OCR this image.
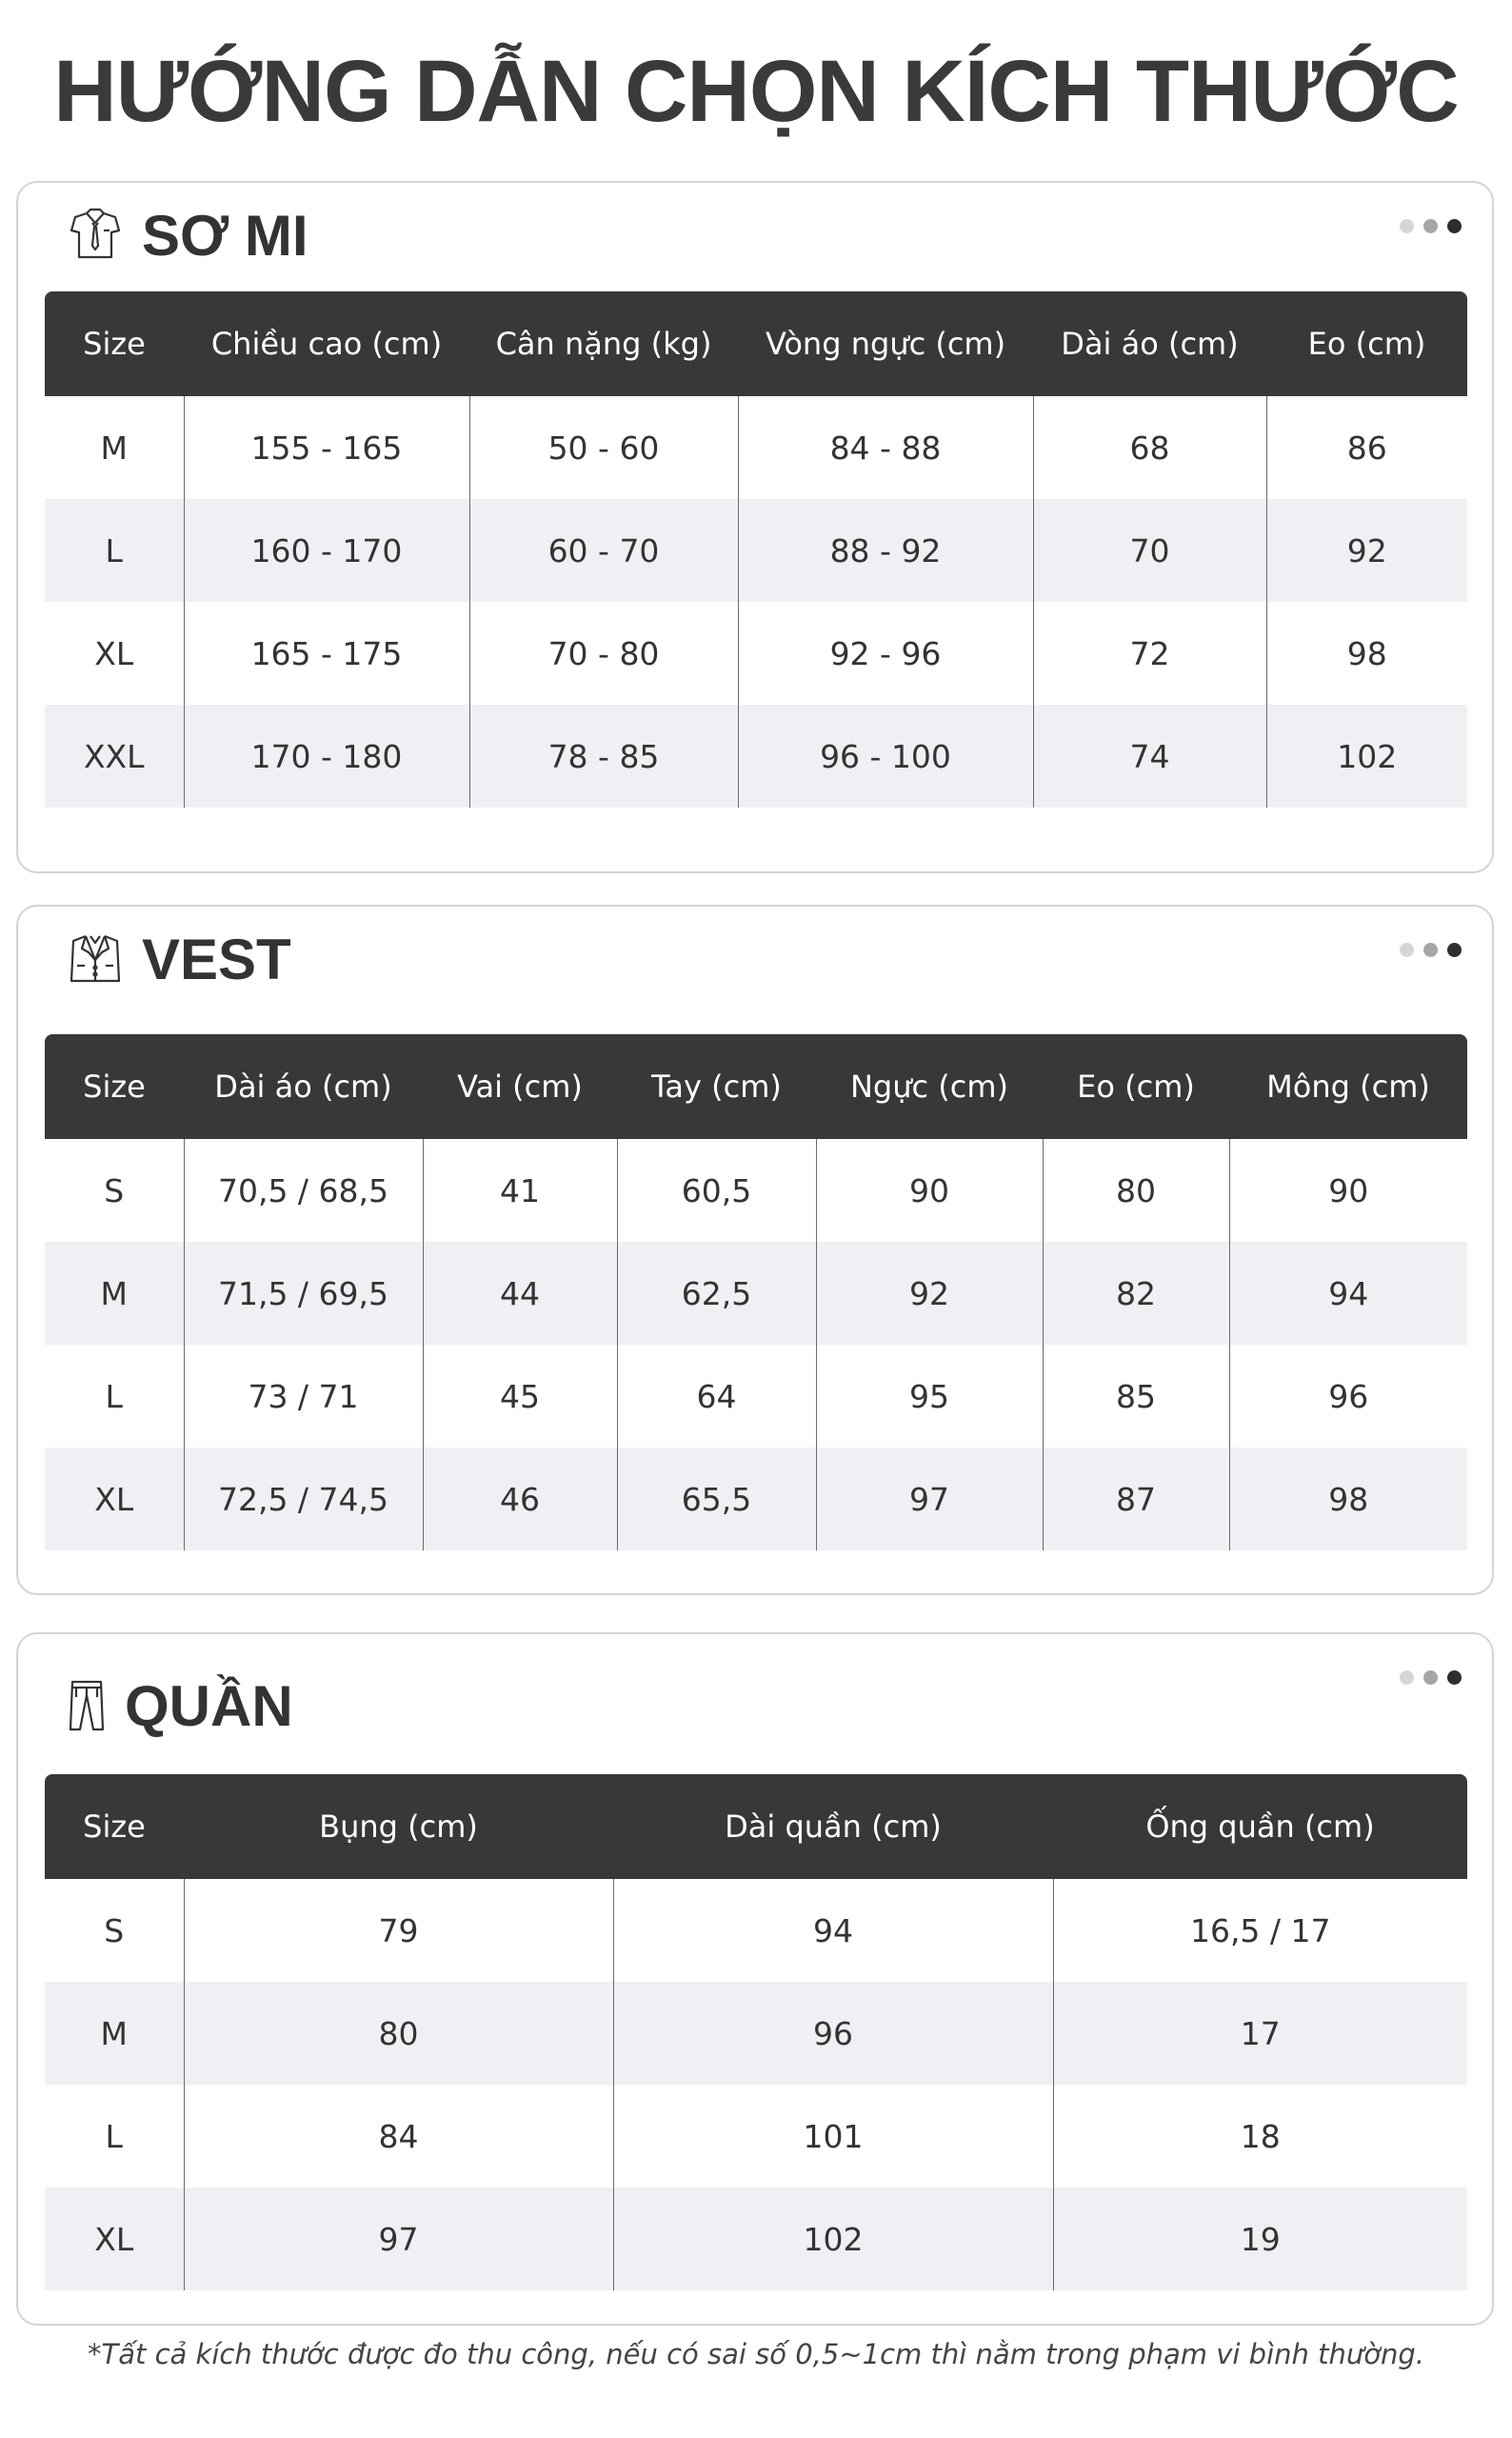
HƯỚNG DẪN CHỌN KÍCH THƯỚC
SƠ MI
Size	Chiều cao (cm)	Cân nặng (kg)	Vòng ngực (cm)	Dài áo (cm)	Eo (cm)
M	155 - 165	50 - 60	84 - 88	68	86
L	160 - 170	60 - 70	88 - 92	70	92
XL	165 - 175	70 - 80	92 - 96	72	98
XXL	170 - 180	78 - 85	96 - 100	74	102
VEST
Size	Dài áo (cm)	Vai (cm)	Tay (cm)	Ngực (cm)	Eo (cm)	Mông (cm)
S	70,5 / 68,5	41	60,5	90	80	90
M	71,5 / 69,5	44	62,5	92	82	94
L	73 / 71	45	64	95	85	96
XL	72,5 / 74,5	46	65,5	97	87	98
QUẦN
Size	Bụng (cm)	Dài quần (cm)	Ống quần (cm)
S	79	94	16,5 / 17
M	80	96	17
L	84	101	18
XL	97	102	19
*Tất cả kích thước được đo thu công, nếu có sai số 0,5~1cm thì nằm trong phạm vi bình thường.
